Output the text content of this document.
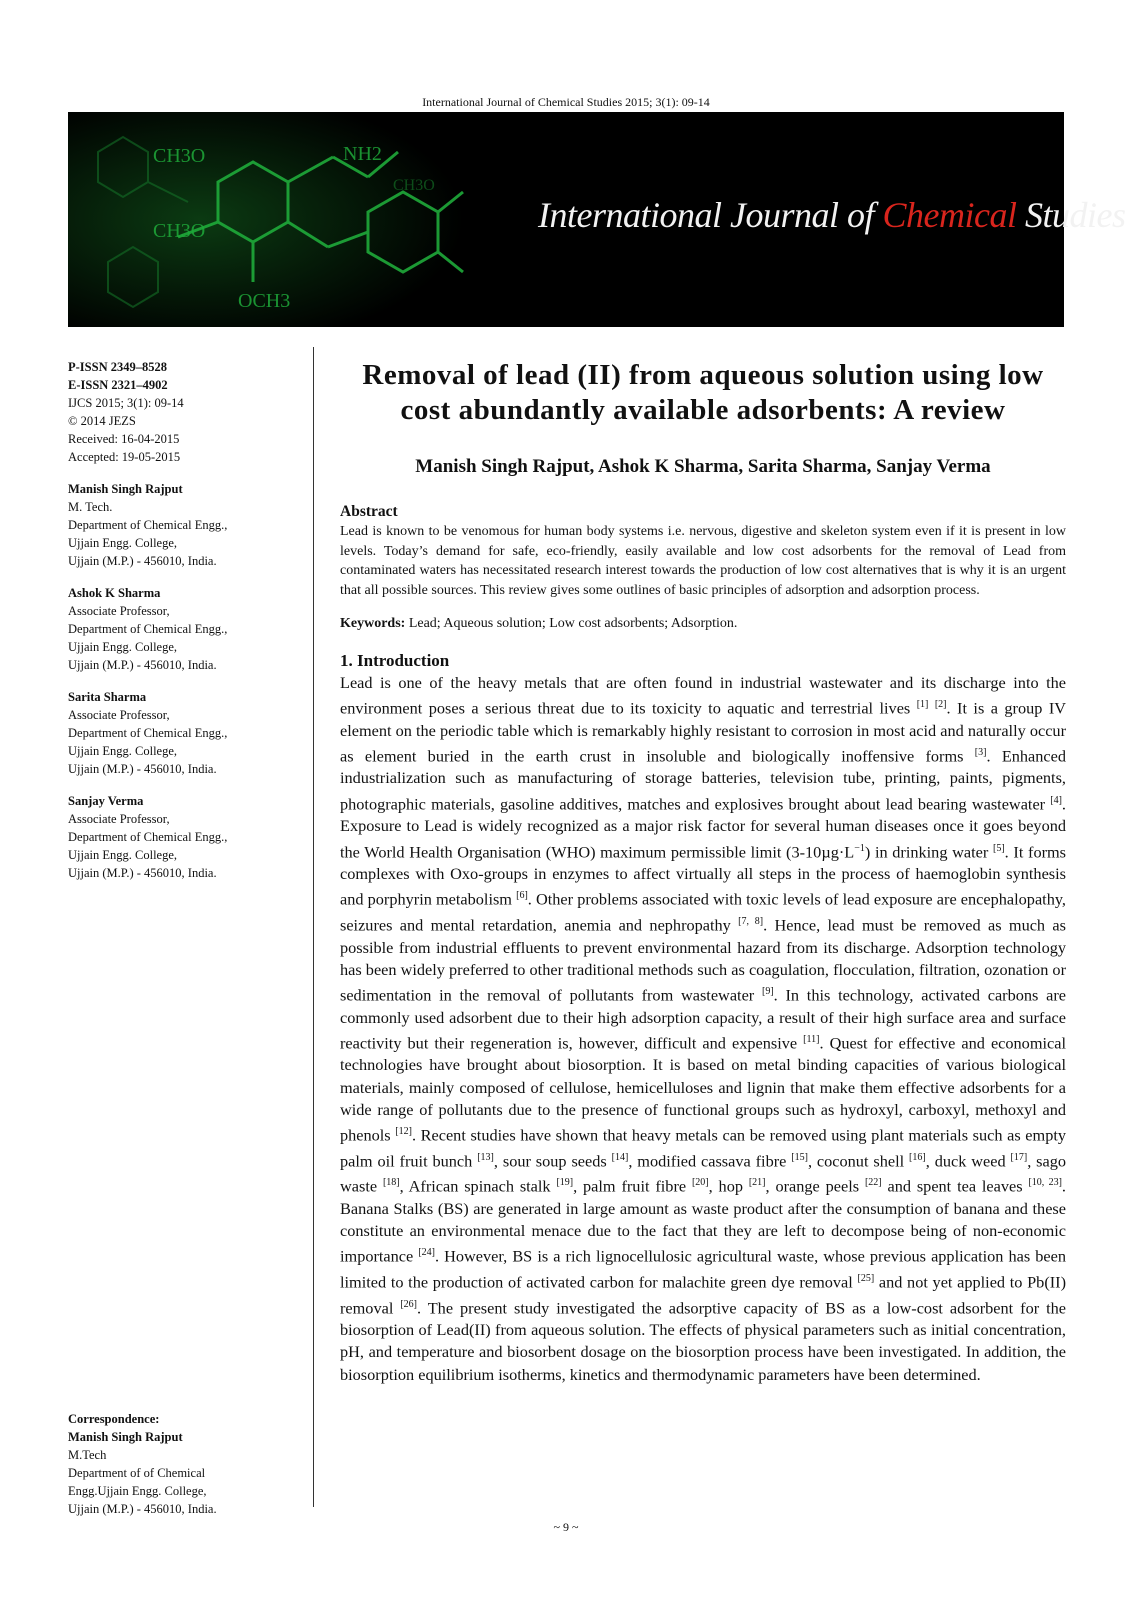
International Journal of Chemical Studies 2015; 3(1): 09-14
CH3O	NH2
CH3O
OCH3
CH3O
International Journal of Chemical Studies
P-ISSN 2349–8528
E-ISSN 2321–4902
IJCS 2015; 3(1): 09-14
© 2014 JEZS
Received: 16-04-2015
Accepted: 19-05-2015
Manish Singh Rajput
M. Tech.
Department of Chemical Engg.,
Ujjain Engg. College,
Ujjain (M.P.) - 456010, India.
Ashok K Sharma
Associate Professor,
Department of Chemical Engg.,
Ujjain Engg. College,
Ujjain (M.P.) - 456010, India.
Sarita Sharma
Associate Professor,
Department of Chemical Engg.,
Ujjain Engg. College,
Ujjain (M.P.) - 456010, India.
Sanjay Verma
Associate Professor,
Department of Chemical Engg.,
Ujjain Engg. College,
Ujjain (M.P.) - 456010, India.
Correspondence:
Manish Singh Rajput
M.Tech
Department of of Chemical
Engg.Ujjain Engg. College,
Ujjain (M.P.) - 456010, India.
Removal of lead (II) from aqueous solution using low cost abundantly available adsorbents: A review
Manish Singh Rajput, Ashok K Sharma, Sarita Sharma, Sanjay Verma
Abstract
Lead is known to be venomous for human body systems i.e. nervous, digestive and skeleton system even if it is present in low levels. Today’s demand for safe, eco-friendly, easily available and low cost adsorbents for the removal of Lead from contaminated waters has necessitated research interest towards the production of low cost alternatives that is why it is an urgent that all possible sources. This review gives some outlines of basic principles of adsorption and adsorption process.
Keywords: Lead; Aqueous solution; Low cost adsorbents; Adsorption.
1. Introduction
Lead is one of the heavy metals that are often found in industrial wastewater and its discharge into the environment poses a serious threat due to its toxicity to aquatic and terrestrial lives [1] [2]. It is a group IV element on the periodic table which is remarkably highly resistant to corrosion in most acid and naturally occur as element buried in the earth crust in insoluble and biologically inoffensive forms [3]. Enhanced industrialization such as manufacturing of storage batteries, television tube, printing, paints, pigments, photographic materials, gasoline additives, matches and explosives brought about lead bearing wastewater [4]. Exposure to Lead is widely recognized as a major risk factor for several human diseases once it goes beyond the World Health Organisation (WHO) maximum permissible limit $(3-10\mu g\cdot L^{-1})$ in drinking water [5]. It forms complexes with Oxo-groups in enzymes to affect virtually all steps in the process of haemoglobin synthesis and porphyrin metabolism [6]. Other problems associated with toxic levels of lead exposure are encephalopathy, seizures and mental retardation, anemia and nephropathy [7, 8]. Hence, lead must be removed as much as possible from industrial effluents to prevent environmental hazard from its discharge. Adsorption technology has been widely preferred to other traditional methods such as coagulation, flocculation, filtration, ozonation or sedimentation in the removal of pollutants from wastewater [9]. In this technology, activated carbons are commonly used adsorbent due to their high adsorption capacity, a result of their high surface area and surface reactivity but their regeneration is, however, difficult and expensive [11]. Quest for effective and economical technologies have brought about biosorption. It is based on metal binding capacities of various biological materials, mainly composed of cellulose, hemicelluloses and lignin that make them effective adsorbents for a wide range of pollutants due to the presence of functional groups such as hydroxyl, carboxyl, methoxyl and phenols [12]. Recent studies have shown that heavy metals can be removed using plant materials such as empty palm oil fruit bunch [13], sour soup seeds [14], modified cassava fibre [15], coconut shell [16], duck weed [17], sago waste [18], African spinach stalk [19], palm fruit fibre [20], hop [21], orange peels [22] and spent tea leaves [10, 23]. Banana Stalks (BS) are generated in large amount as waste product after the consumption of banana and these constitute an environmental menace due to the fact that they are left to decompose being of non-economic importance [24]. However, BS is a rich lignocellulosic agricultural waste, whose previous application has been limited to the production of activated carbon for malachite green dye removal [25] and not yet applied to Pb(II) removal [26]. The present study investigated the adsorptive capacity of BS as a low-cost adsorbent for the biosorption of Lead(II) from aqueous solution. The effects of physical parameters such as initial concentration, pH, and temperature and biosorbent dosage on the biosorption process have been investigated. In addition, the biosorption equilibrium isotherms, kinetics and thermodynamic parameters have been determined.
~ 9 ~
